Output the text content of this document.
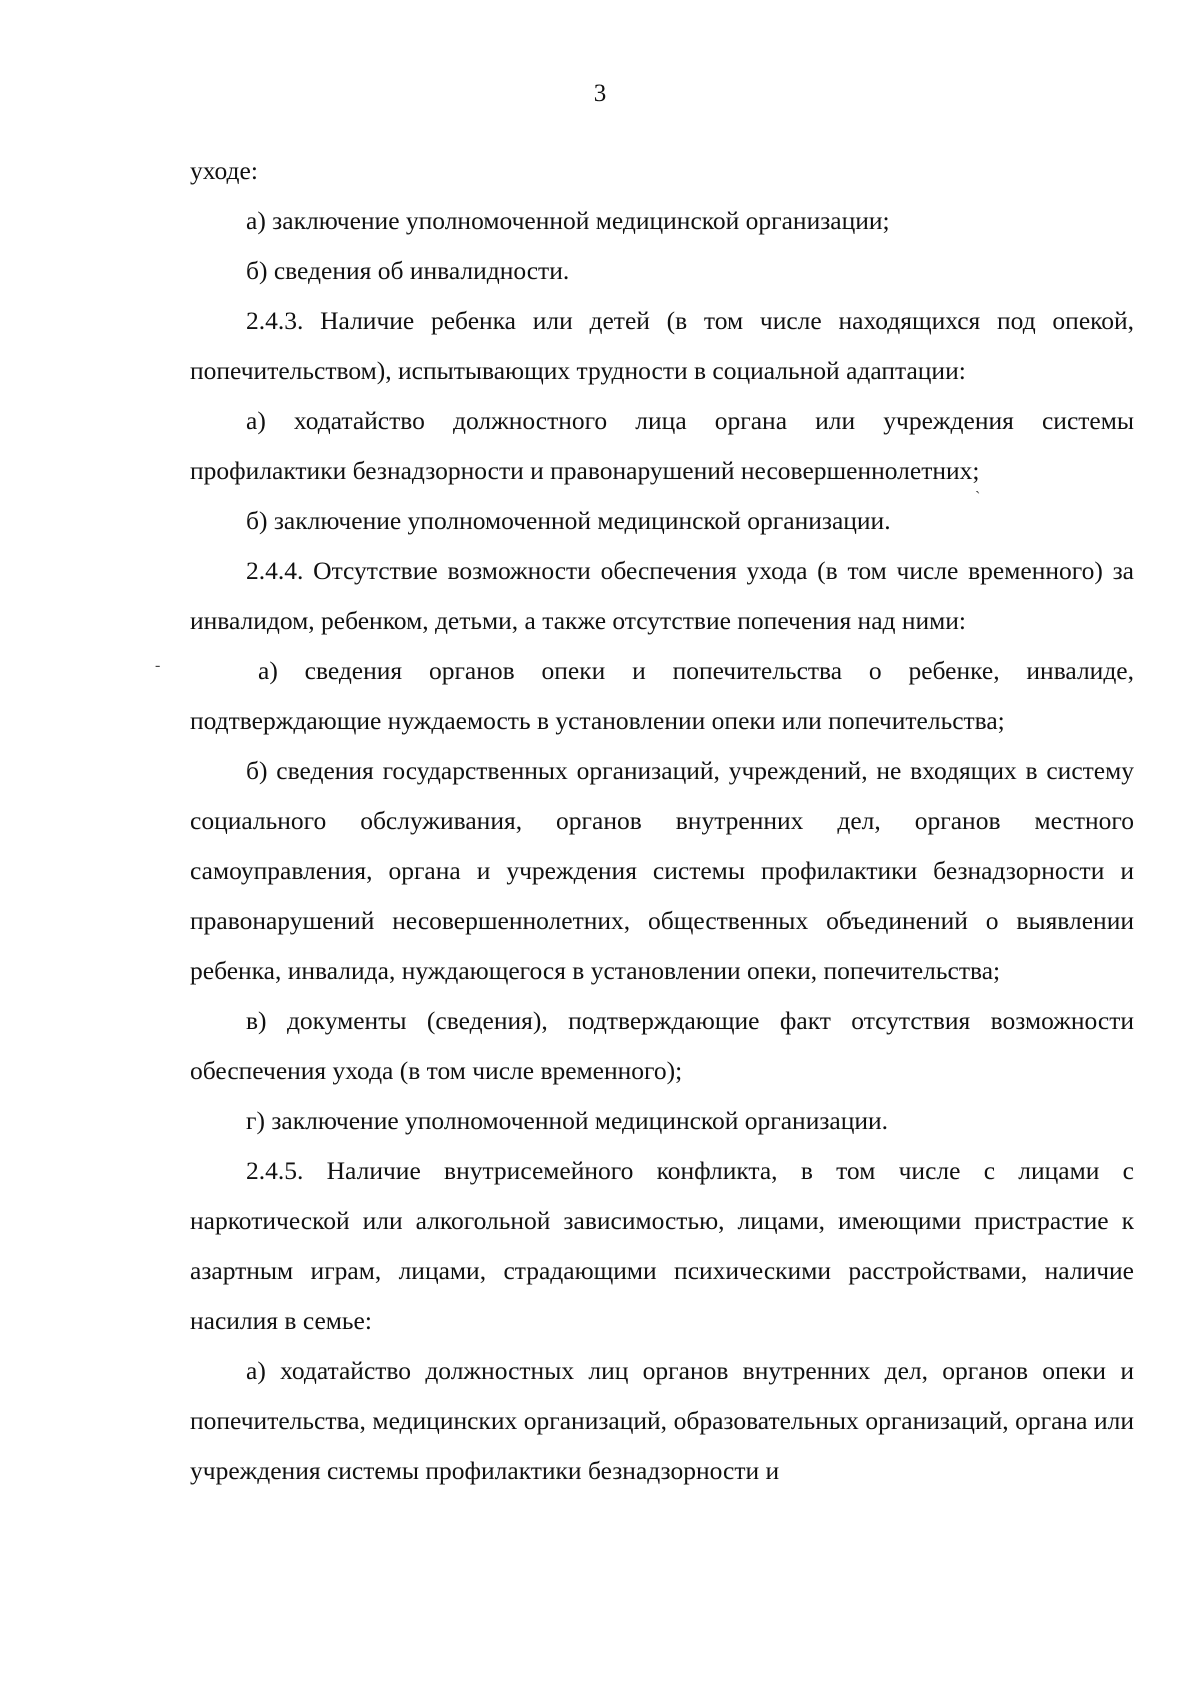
3
`
-

уходе:

а) заключение уполномоченной медицинской организации;

б) сведения об инвалидности.

2.4.3. Наличие ребенка или детей (в том числе находящихся под опекой, попечительством), испытывающих трудности в социальной адаптации:

а) ходатайство должностного лица органа или учреждения системы профилактики безнадзорности и правонарушений несовершеннолетних;

б) заключение уполномоченной медицинской организации.

2.4.4. Отсутствие возможности обеспечения ухода (в том числе временного) за инвалидом, ребенком, детьми, а также отсутствие попечения над ними:

а) сведения органов опеки и попечительства о ребенке, инвалиде, подтверждающие нуждаемость в установлении опеки или попечительства;

б) сведения государственных организаций, учреждений, не входящих в систему социального обслуживания, органов внутренних дел, органов местного самоуправления, органа и учреждения системы профилактики безнадзорности и правонарушений несовершеннолетних, общественных объединений о выявлении ребенка, инвалида, нуждающегося в установлении опеки, попечительства;

в) документы (сведения), подтверждающие факт отсутствия возможности обеспечения ухода (в том числе временного);

г) заключение уполномоченной медицинской организации.

2.4.5. Наличие внутрисемейного конфликта, в том числе с лицами с наркотической или алкогольной зависимостью, лицами, имеющими пристрастие к азартным играм, лицами, страдающими психическими расстройствами, наличие насилия в семье:

а) ходатайство должностных лиц органов внутренних дел, органов опеки и попечительства, медицинских организаций, образовательных организаций, органа или учреждения системы профилактики безнадзорности и
